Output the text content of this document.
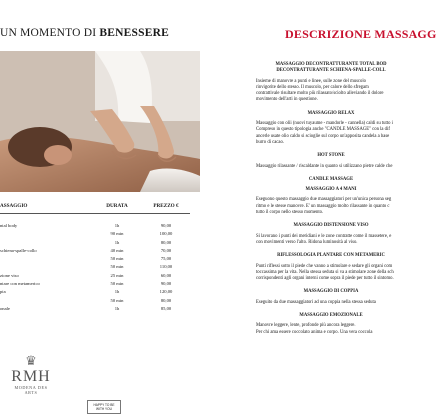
UN MOMENTO DI BENESSERE
ASSAGGIO	DURATA	PREZZO €

ntal body	1h	90,00
	90 min	100,00
	1h	80,00
schiena-spalle-collo	40 min	70,00
	50 min	75,00
	50 min	110,00
zione viso	25 min	60,00
ntare con metamerico	50 min	90,00
pia	1h	120,00
	50 min	80,00
onale	1h	85,00
♛
RMH
MODENA DES ARTS
HAPPY TO BE
WITH YOU
DESCRIZIONE MASSAGG
MASSAGGIO DECONTRATTURANTE TOTAL BOD
DECONTRATTURANTE SCHIENA-SPALLE-COLL
Insieme di manovre a punti e linee, sulle zone del muscolo
rinvigorite dello stesso. Il muscolo, per calore dello sfregam
contrattivale risultare molto più rilassato/sciolto alleviando il dolore
movimento dell'arti in questione.
MASSAGGIO RELAX
Massaggio con olii (nuovi tuyaume - mandorle - cannella) caldi su tutto i
Compreso in questo tipologia anche "CANDLE MASSAGE" con la dif
ancerle usate olio caldo si scioglie sul corpo un'apposita candela a base
burro di cacao.
HOT STONE
Massaggio rilassante / riscaldante in quanto si utilizzano pietre calde che
CANDLE MASSAGE
MASSAGGIO A 4 MANI
Eseguono questo massaggio due massaggiatori per un'unica persona seg
ritmo e le stesse manovre. E' un massaggio molto rilassante in quanto c
tutto il corpo nello stesso momento.
MASSAGGIO DISTENSIONE VISO
Si lavorano i punti dei meridiani e le zone contratte come il massetere, e
con movimenti verso l'alto. Ridona luminosità al viso.
RIFLESSOLOGIA PLANTARE CON METAMERIC
Punti riflessi sotto il piede che vanno a stimolare e sedare gli organi com
toccassima per la vita. Nella stessa seduta si va a stimolare zone della sch
corrispondenti agli organi interni come sopra il piede per tutto il sintomo.
MASSAGGIO DI COPPIA
Eseguito da due massaggiatori ad una coppia nella stessa seduta
MASSAGGIO EMOZIONALE
Manovre leggere, lente, profonde più ancora leggere.
Per chi ama essere coccolato anima e corpo. Una vera coccola
